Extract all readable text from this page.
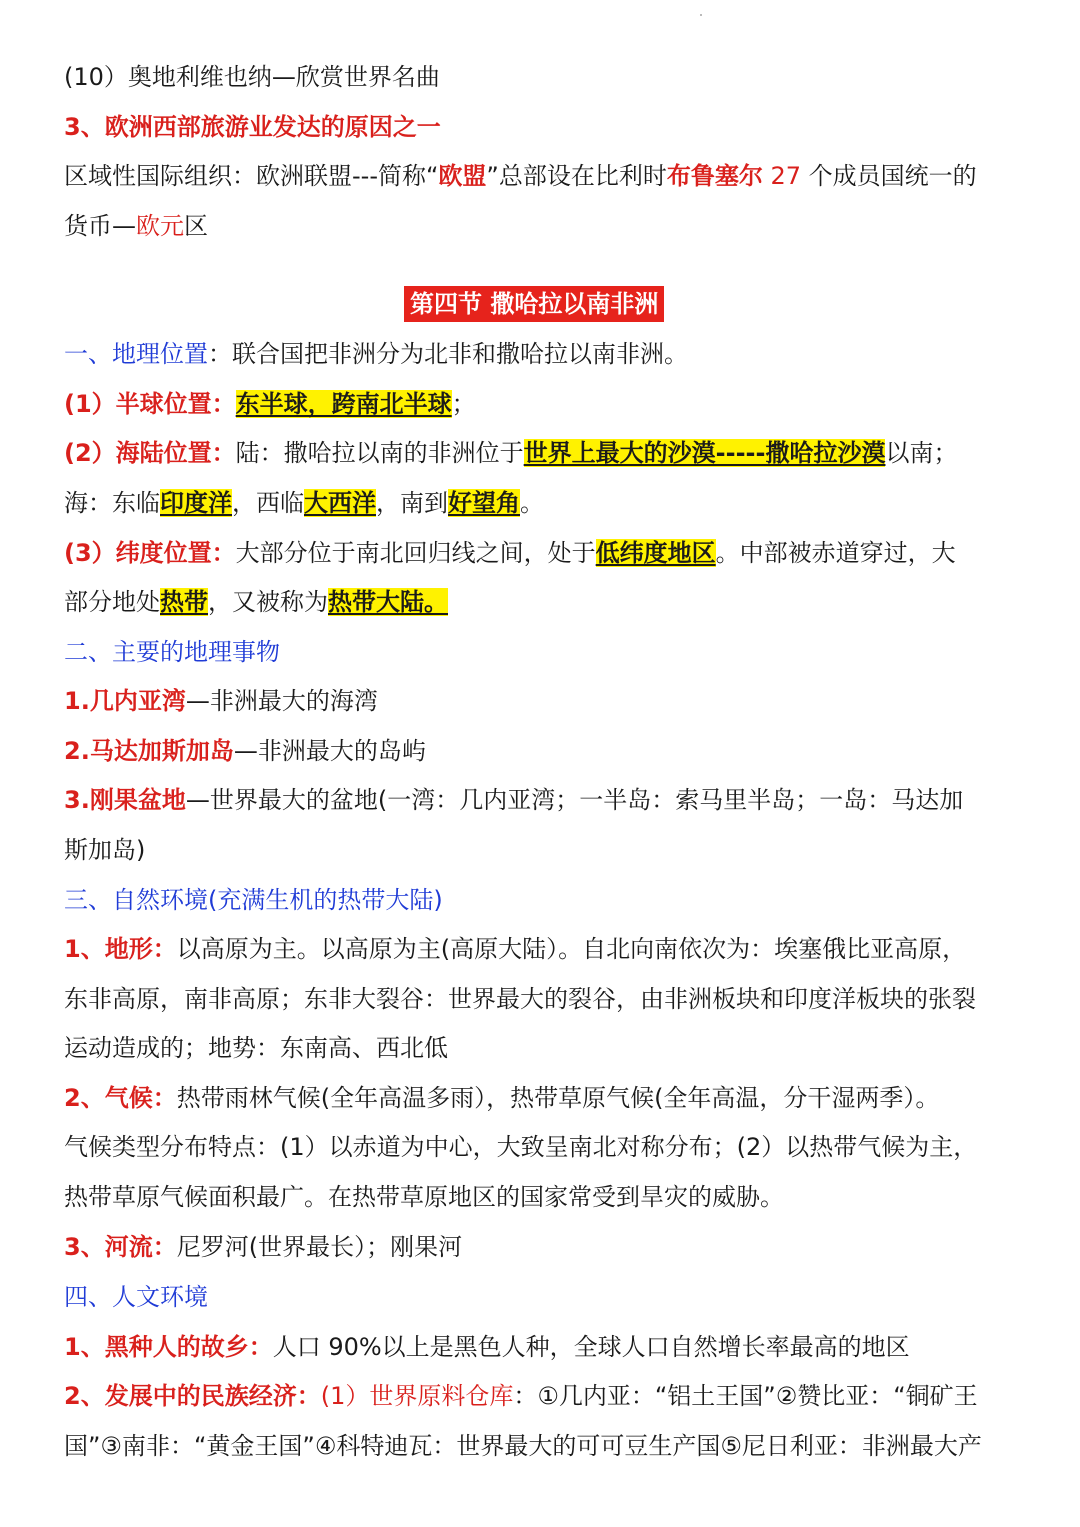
(10）奥地利维也纳—欣赏世界名曲
3、欧洲西部旅游业发达的原因之一
区域性国际组织：欧洲联盟---简称“欧盟”总部设在比利时布鲁塞尔 27 个成员国统一的
货币—欧元区
第四节 撒哈拉以南非洲
一、地理位置：联合国把非洲分为北非和撒哈拉以南非洲。
(1）半球位置：东半球，跨南北半球；
(2）海陆位置：陆：撒哈拉以南的非洲位于世界上最大的沙漠-----撒哈拉沙漠以南；
海：东临印度洋，西临大西洋，南到好望角。
(3）纬度位置：大部分位于南北回归线之间，处于低纬度地区。中部被赤道穿过，大
部分地处热带，又被称为热带大陆。
二、主要的地理事物
1.几内亚湾—非洲最大的海湾
2.马达加斯加岛—非洲最大的岛屿
3.刚果盆地—世界最大的盆地(一湾：几内亚湾；一半岛：索马里半岛；一岛：马达加
斯加岛)
三、自然环境(充满生机的热带大陆)
1、地形：以高原为主。以高原为主(高原大陆）。自北向南依次为：埃塞俄比亚高原，
东非高原，南非高原；东非大裂谷：世界最大的裂谷，由非洲板块和印度洋板块的张裂
运动造成的；地势：东南高、西北低
2、气候：热带雨林气候(全年高温多雨），热带草原气候(全年高温，分干湿两季）。
气候类型分布特点：(1）以赤道为中心，大致呈南北对称分布；(2）以热带气候为主，
热带草原气候面积最广。在热带草原地区的国家常受到旱灾的威胁。
3、河流：尼罗河(世界最长）；刚果河
四、人文环境
1、黑种人的故乡：人口 90%以上是黑色人种，全球人口自然增长率最高的地区
2、发展中的民族经济：(1）世界原料仓库：①几内亚：“铝土王国”②赞比亚：“铜矿王
国”③南非：“黄金王国”④科特迪瓦：世界最大的可可豆生产国⑤尼日利亚：非洲最大产
